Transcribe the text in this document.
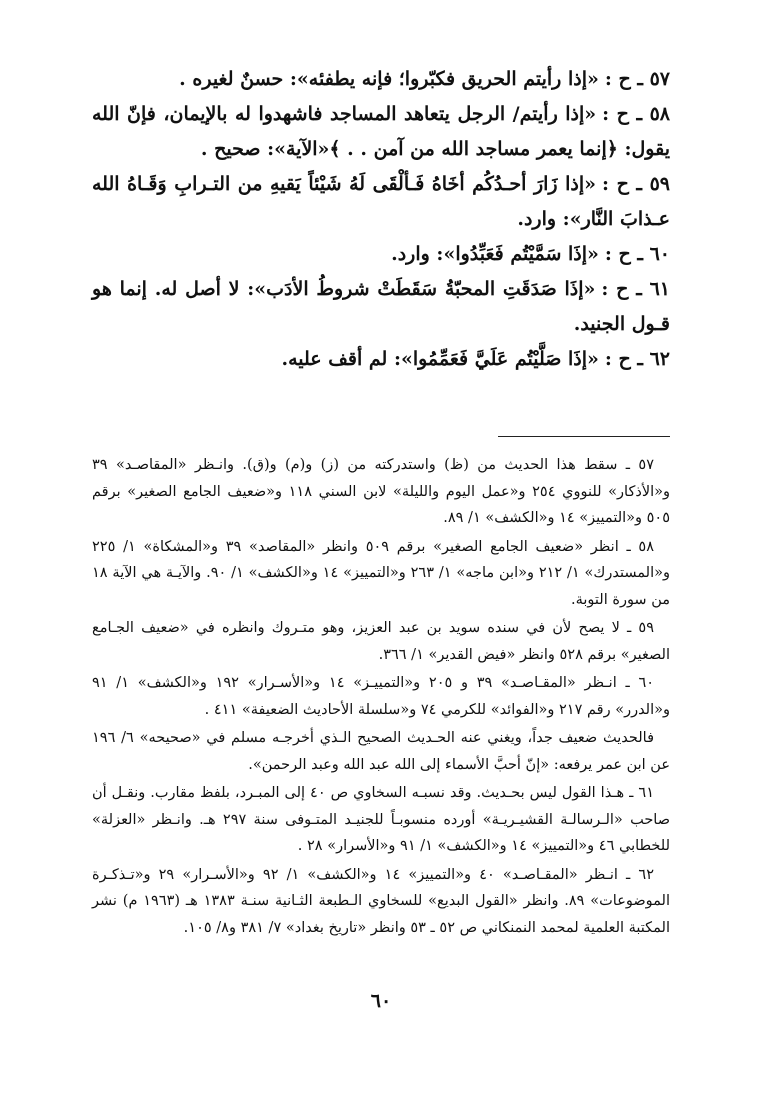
٥٧ ـ ح :«إذا رأيتم الحريق فكبّروا؛ فإنه يطفئه»: حسنٌ لغيره .

٥٨ ـ ح :«إذا رأيتم/ الرجل يتعاهد المساجد فاشهدوا له بالإيمان، فإنّ الله يقول: ﴿إنما يعمر مساجد الله من آمن . . ﴾«الآية»: صحيح .

٥٩ ـ ح :«إذا زَارَ أحـدُكُم أخَاهُ فَـألْقَى لَهُ شَيْئاً يَقيهِ من التـرابِ وَقَـاهُ الله عـذابَ النَّار»: وارد.

٦٠ ـ ح :«إذَا سَمَّيْتُم فَعَبِّدُوا»: وارد.

٦١ ـ ح :«إذَا صَدَقَتِ المحبّةُ سَقَطَتْ شروطُ الأدَب»: لا أصل له. إنما هو قـول الجنيد.

٦٢ ـ ح :«إذَا صَلَّيْتُم عَلَيَّ فَعَمِّمُوا»: لم أقف عليه.

٥٧ ـ سقط هذا الحديث من (ظ) واستدركته من (ز) و(م) و(ق). وانـظر «المقاصـد» ٣٩ و«الأذكار» للنووي ٢٥٤ و«عمل اليوم والليلة» لابن السني ١١٨ و«ضعيف الجامع الصغير» برقم ٥٠٥ و«التمييز» ١٤ و«الكشف» ١/ ٨٩.

٥٨ ـ انظر «ضعيف الجامع الصغير» برقم ٥٠٩ وانظر «المقاصد» ٣٩ و«المشكاة» ١/ ٢٢٥ و«المستدرك» ١/ ٢١٢ و«ابن ماجه» ١/ ٢٦٣ و«التمييز» ١٤ و«الكشف» ١/ ٩٠. والآيـة هي الآية ١٨ من سورة التوبة.

٥٩ ـ لا يصح لأن في سنده سويد بن عبد العزيز، وهو متـروك وانظره في «ضعيف الجـامع الصغير» برقم ٥٢٨ وانظر «فيض القدير» ١/ ٣٦٦.

٦٠ ـ انـظر «المقـاصـد» ٣٩ و ٢٠٥ و«التمييـز» ١٤ و«الأسـرار» ١٩٢ و«الكشف» ١/ ٩١ و«الدرر» رقم ٢١٧ و«الفوائد» للكرمي ٧٤ و«سلسلة الأحاديث الضعيفة» ٤١١ .

فالحديث ضعيف جداً، ويغني عنه الحـديث الصحيح الـذي أخرجـه مسلم في «صحيحه» ٦/ ١٩٦ عن ابن عمر يرفعه: «إنّ أحبَّ الأسماء إلى الله عبد الله وعبد الرحمن».

٦١ ـ هـذا القول ليس بحـديث. وقد نسبـه السخاوي ص ٤٠ إلى المبـرد، بلفظ مقارب. ونقـل أن صاحب «الـرسالـة القشيـريـة» أورده منسوبـاً للجنيـد المتـوفى سنة ٢٩٧ هـ. وانـظر «العزلة» للخطابي ٤٦ و«التمييز» ١٤ و«الكشف» ١/ ٩١ و«الأسرار» ٢٨ .

٦٢ ـ انـظر «المقـاصـد» ٤٠ و«التمييز» ١٤ و«الكشف» ١/ ٩٢ و«الأسـرار» ٢٩ و«تـذكـرة الموضوعات» ٨٩. وانظر «القول البديع» للسخاوي الـطبعة الثـانية سنـة ١٣٨٣ هـ (١٩٦٣ م) نشر المكتبة العلمية لمحمد النمنكاني ص ٥٢ ـ ٥٣ وانظر «تاريخ بغداد» ٧/ ٣٨١ و٨/ ١٠٥.

٦٠
